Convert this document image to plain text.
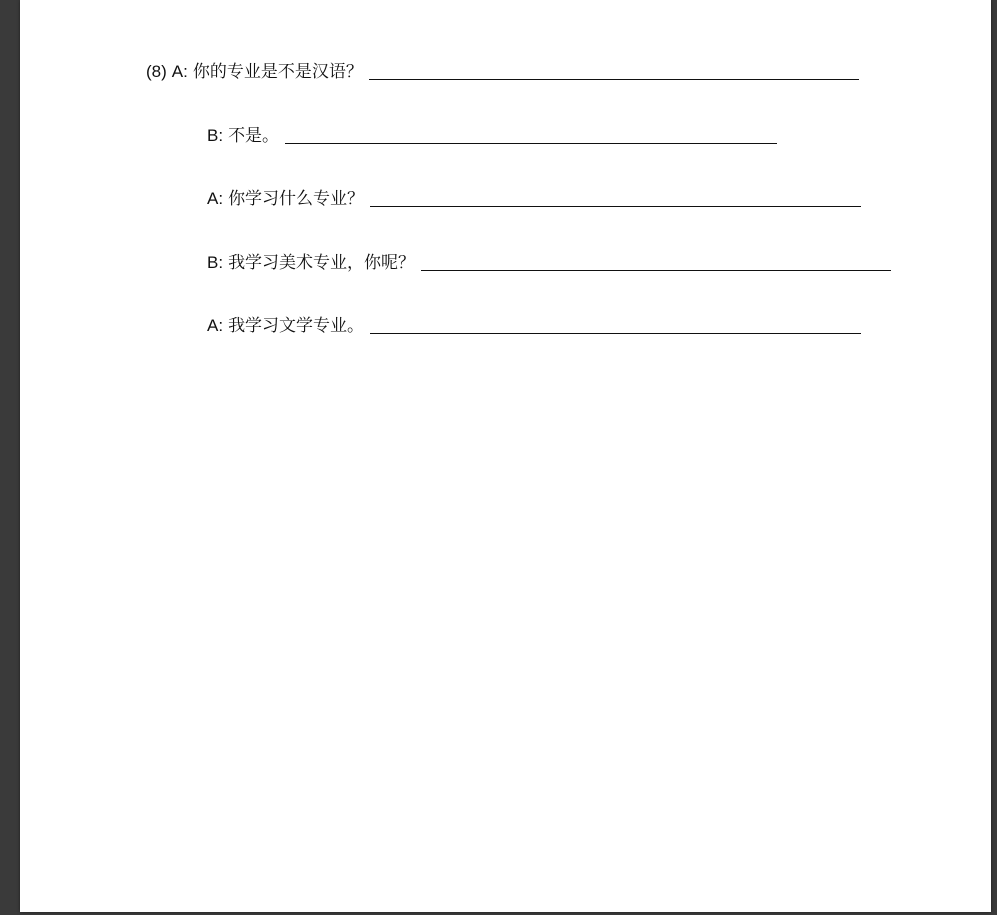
(8) A: 你的专业是不是汉语？
B: 不是。
A: 你学习什么专业？
B: 我学习美术专业，你呢？
A: 我学习文学专业。
